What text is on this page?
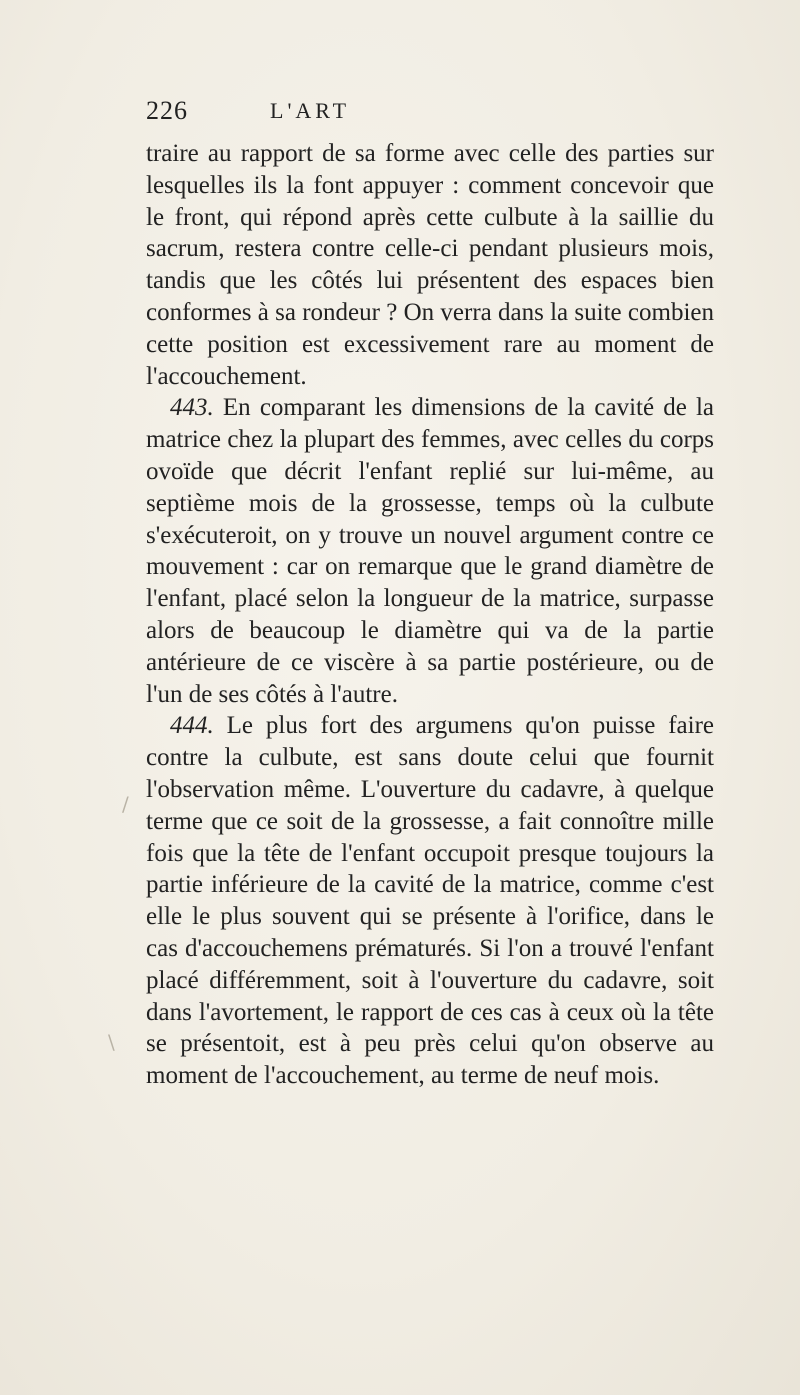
226	L'ART

traire au rapport de sa forme avec celle des parties sur lesquelles ils la font appuyer : comment concevoir que le front, qui répond après cette culbute à la saillie du sacrum, restera contre celle-ci pendant plusieurs mois, tandis que les côtés lui présentent des espaces bien conformes à sa rondeur ? On verra dans la suite combien cette position est excessivement rare au moment de l'accouchement.

443. En comparant les dimensions de la cavité de la matrice chez la plupart des femmes, avec celles du corps ovoïde que décrit l'enfant replié sur lui-même, au septième mois de la grossesse, temps où la culbute s'exécuteroit, on y trouve un nouvel argument contre ce mouvement : car on remarque que le grand diamètre de l'enfant, placé selon la longueur de la matrice, surpasse alors de beaucoup le diamètre qui va de la partie antérieure de ce viscère à sa partie postérieure, ou de l'un de ses côtés à l'autre.

444. Le plus fort des argumens qu'on puisse faire contre la culbute, est sans doute celui que fournit l'observation même. L'ouverture du cadavre, à quelque terme que ce soit de la grossesse, a fait connoître mille fois que la tête de l'enfant occupoit presque toujours la partie inférieure de la cavité de la matrice, comme c'est elle le plus souvent qui se présente à l'orifice, dans le cas d'accouchemens prématurés. Si l'on a trouvé l'enfant placé différemment, soit à l'ouverture du cadavre, soit dans l'avortement, le rapport de ces cas à ceux où la tête se présentoit, est à peu près celui qu'on observe au moment de l'accouchement, au terme de neuf mois.

/
\
